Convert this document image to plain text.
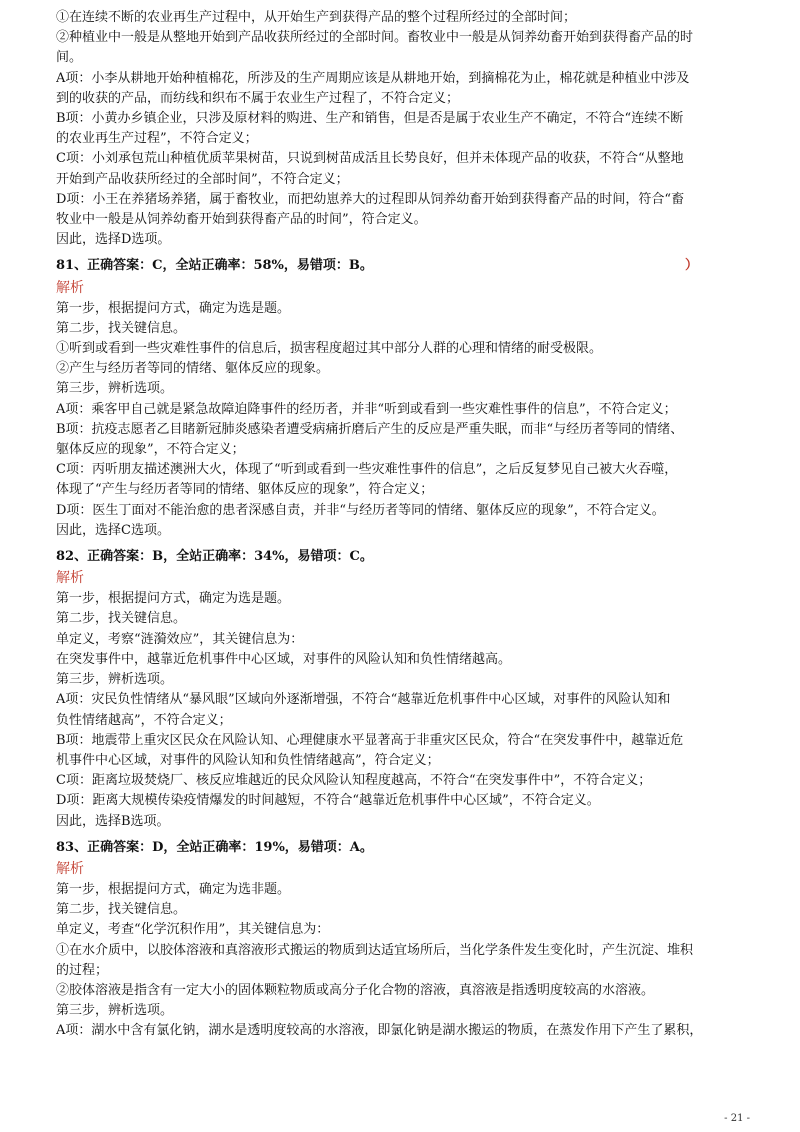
①在连续不断的农业再生产过程中，从开始生产到获得产品的整个过程所经过的全部时间；
②种植业中一般是从整地开始到产品收获所经过的全部时间。畜牧业中一般是从饲养幼畜开始到获得畜产品的时
间。
A项：小李从耕地开始种植棉花，所涉及的生产周期应该是从耕地开始，到摘棉花为止，棉花就是种植业中涉及
到的收获的产品，而纺线和织布不属于农业生产过程了，不符合定义；
B项：小黄办乡镇企业，只涉及原材料的购进、生产和销售，但是否是属于农业生产不确定，不符合“连续不断
的农业再生产过程”，不符合定义；
C项：小刘承包荒山种植优质苹果树苗，只说到树苗成活且长势良好，但并未体现产品的收获，不符合“从整地
开始到产品收获所经过的全部时间”，不符合定义；
D项：小王在养猪场养猪，属于畜牧业，而把幼崽养大的过程即从饲养幼畜开始到获得畜产品的时间，符合“畜
牧业中一般是从饲养幼畜开始到获得畜产品的时间”，符合定义。
因此，选择D选项。
81、正确答案：C，全站正确率：58%，易错项：B。	）
解析
第一步，根据提问方式，确定为选是题。
第二步，找关键信息。
①听到或看到一些灾难性事件的信息后，损害程度超过其中部分人群的心理和情绪的耐受极限。
②产生与经历者等同的情绪、躯体反应的现象。
第三步，辨析选项。
A项：乘客甲自己就是紧急故障迫降事件的经历者，并非“听到或看到一些灾难性事件的信息”，不符合定义；
B项：抗疫志愿者乙目睹新冠肺炎感染者遭受病痛折磨后产生的反应是严重失眠，而非“与经历者等同的情绪、
躯体反应的现象”，不符合定义；
C项：丙听朋友描述澳洲大火，体现了“听到或看到一些灾难性事件的信息”，之后反复梦见自己被大火吞噬，
体现了“产生与经历者等同的情绪、躯体反应的现象”，符合定义；
D项：医生丁面对不能治愈的患者深感自责，并非“与经历者等同的情绪、躯体反应的现象”，不符合定义。
因此，选择C选项。
82、正确答案：B，全站正确率：34%，易错项：C。
解析
第一步，根据提问方式，确定为选是题。
第二步，找关键信息。
单定义，考察“涟漪效应”，其关键信息为：
在突发事件中，越靠近危机事件中心区域，对事件的风险认知和负性情绪越高。
第三步，辨析选项。
A项：灾民负性情绪从“暴风眼”区域向外逐渐增强，不符合“越靠近危机事件中心区域，对事件的风险认知和
负性情绪越高”，不符合定义；
B项：地震带上重灾区民众在风险认知、心理健康水平显著高于非重灾区民众，符合“在突发事件中，越靠近危
机事件中心区域，对事件的风险认知和负性情绪越高”，符合定义；
C项：距离垃圾焚烧厂、核反应堆越近的民众风险认知程度越高，不符合“在突发事件中”，不符合定义；
D项：距离大规模传染疫情爆发的时间越短，不符合“越靠近危机事件中心区域”，不符合定义。
因此，选择B选项。
83、正确答案：D，全站正确率：19%，易错项：A。
解析
第一步，根据提问方式，确定为选非题。
第二步，找关键信息。
单定义，考查“化学沉积作用”，其关键信息为：
①在水介质中，以胶体溶液和真溶液形式搬运的物质到达适宜场所后，当化学条件发生变化时，产生沉淀、堆积
的过程；
②胶体溶液是指含有一定大小的固体颗粒物质或高分子化合物的溶液，真溶液是指透明度较高的水溶液。
第三步，辨析选项。
A项：湖水中含有氯化钠，湖水是透明度较高的水溶液，即氯化钠是湖水搬运的物质，在蒸发作用下产生了累积，
- 21 -
